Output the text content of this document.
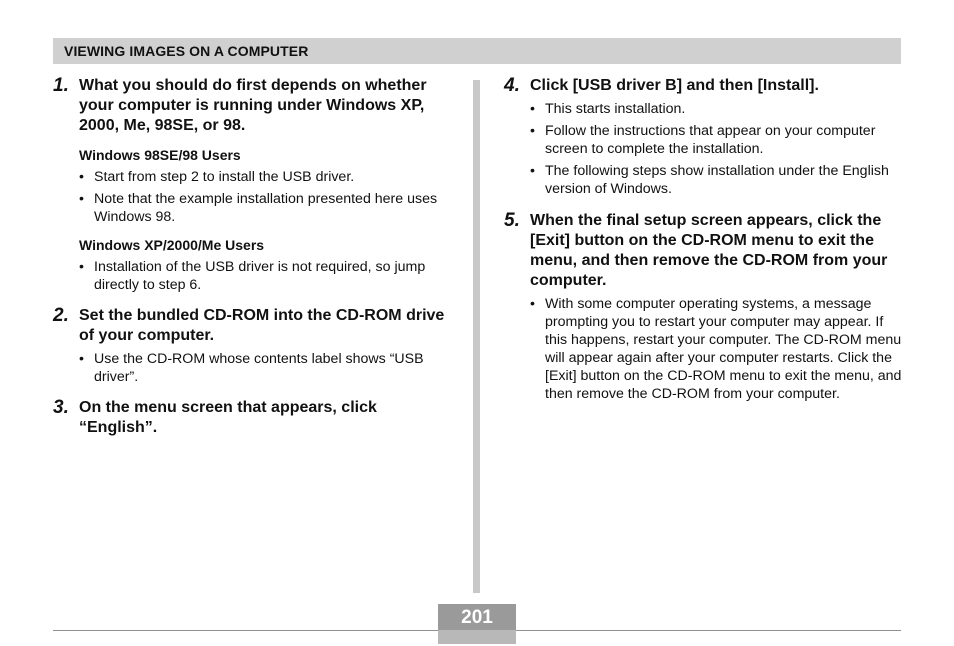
VIEWING IMAGES ON A COMPUTER
1. What you should do first depends on whether your computer is running under Windows XP, 2000, Me, 98SE, or 98.
Windows 98SE/98 Users
• Start from step 2 to install the USB driver.
• Note that the example installation presented here uses Windows 98.
Windows XP/2000/Me Users
• Installation of the USB driver is not required, so jump directly to step 6.
2. Set the bundled CD-ROM into the CD-ROM drive of your computer.
• Use the CD-ROM whose contents label shows “USB driver”.
3. On the menu screen that appears, click “English”.
4. Click [USB driver B] and then [Install].
• This starts installation.
• Follow the instructions that appear on your computer screen to complete the installation.
• The following steps show installation under the English version of Windows.
5. When the final setup screen appears, click the [Exit] button on the CD-ROM menu to exit the menu, and then remove the CD-ROM from your computer.
• With some computer operating systems, a message prompting you to restart your computer may appear. If this happens, restart your computer. The CD-ROM menu will appear again after your computer restarts. Click the [Exit] button on the CD-ROM menu to exit the menu, and then remove the CD-ROM from your computer.
201
